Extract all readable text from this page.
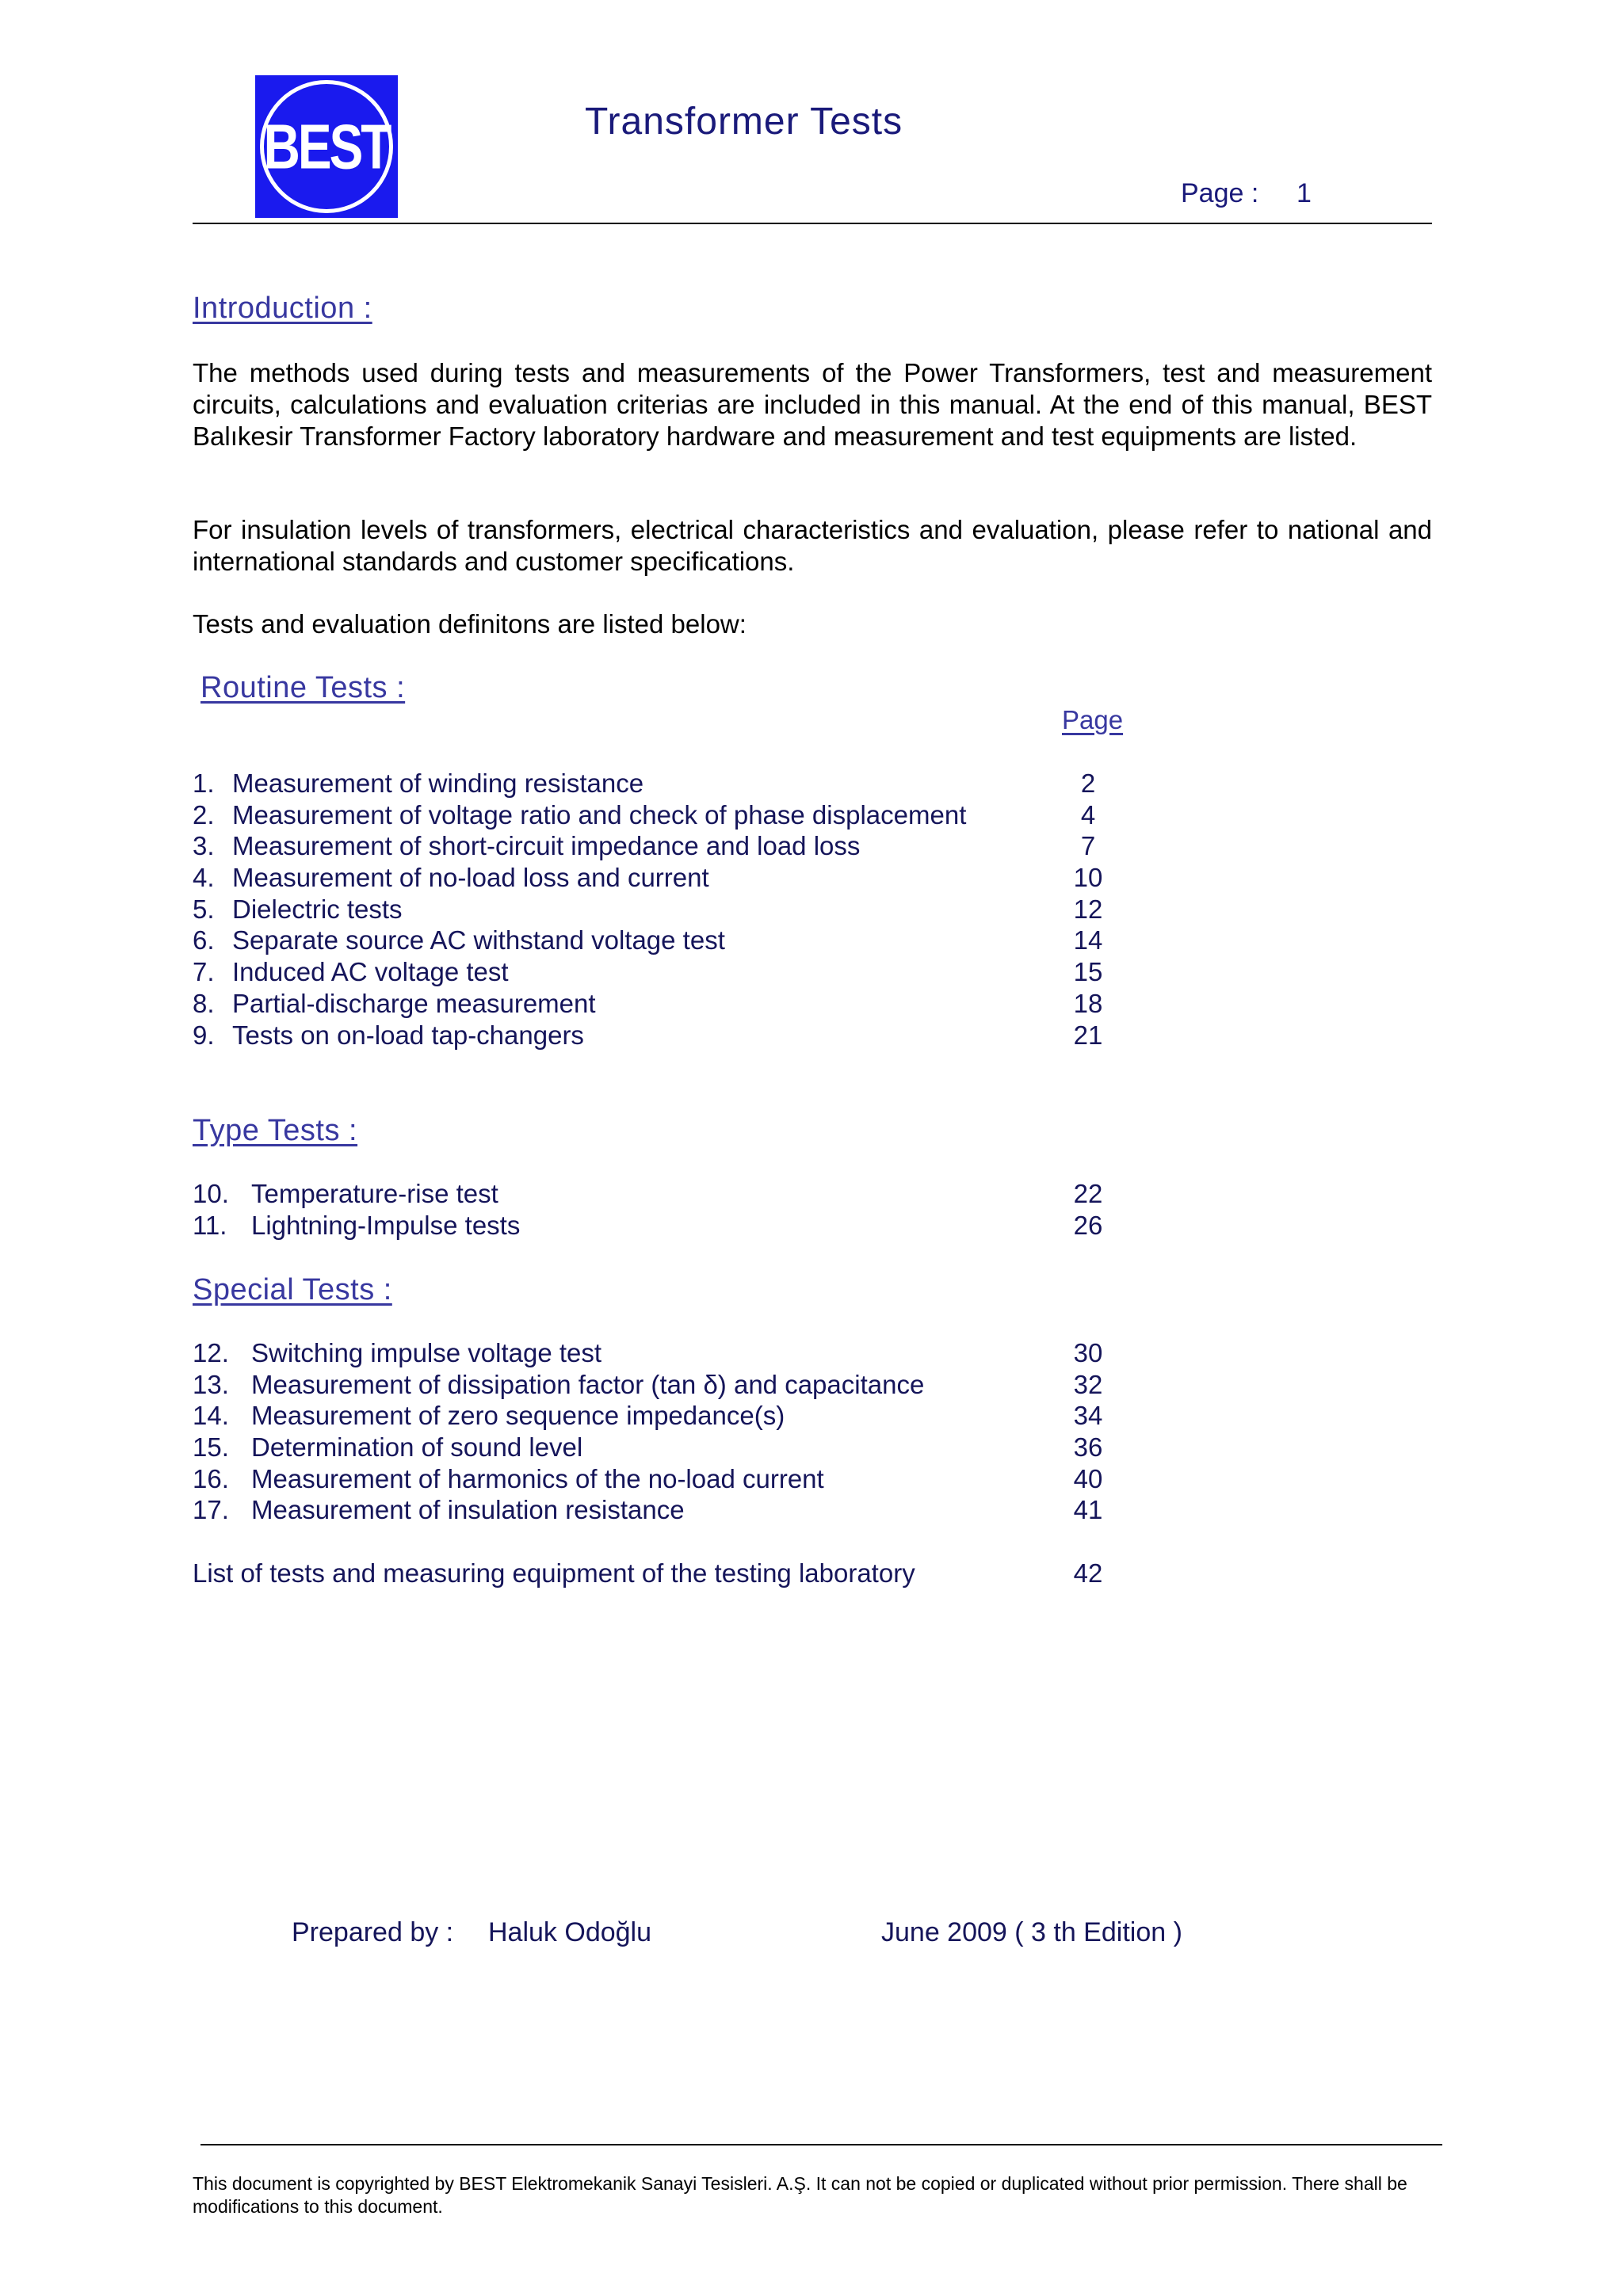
BEST	Transformer Tests
Page : 1
Introduction :
The methods used during tests and measurements of the Power Transformers, test and measurement circuits, calculations and evaluation criterias are included in this manual. At the end of this manual, BEST Balıkesir Transformer Factory laboratory hardware and measurement and test equipments are listed.
For insulation levels of transformers, electrical characteristics and evaluation, please refer to national and international standards and customer specifications.
Tests and evaluation definitons are listed below:
Routine Tests :
Page
1. Measurement of winding resistance	2
2. Measurement of voltage ratio and check of phase displacement	4
3. Measurement of short-circuit impedance and load loss	7
4. Measurement of no-load loss and current	10
5. Dielectric tests	12
6. Separate source AC withstand voltage test	14
7. Induced AC voltage test	15
8. Partial-discharge measurement	18
9. Tests on on-load tap-changers	21
Type Tests :
10. Temperature-rise test	22
11. Lightning-Impulse tests	26
Special Tests :
12. Switching impulse voltage test	30
13. Measurement of dissipation factor (tan δ) and capacitance	32
14. Measurement of zero sequence impedance(s)	34
15. Determination of sound level	36
16. Measurement of harmonics of the no-load current	40
17. Measurement of insulation resistance	41
List of tests and measuring equipment of the testing laboratory	42
Prepared by : Haluk Odoğlu	June 2009 ( 3 th Edition )
This document is copyrighted by BEST Elektromekanik Sanayi Tesisleri. A.Ş. It can not be copied or duplicated without prior permission. There shall be modifications to this document.
